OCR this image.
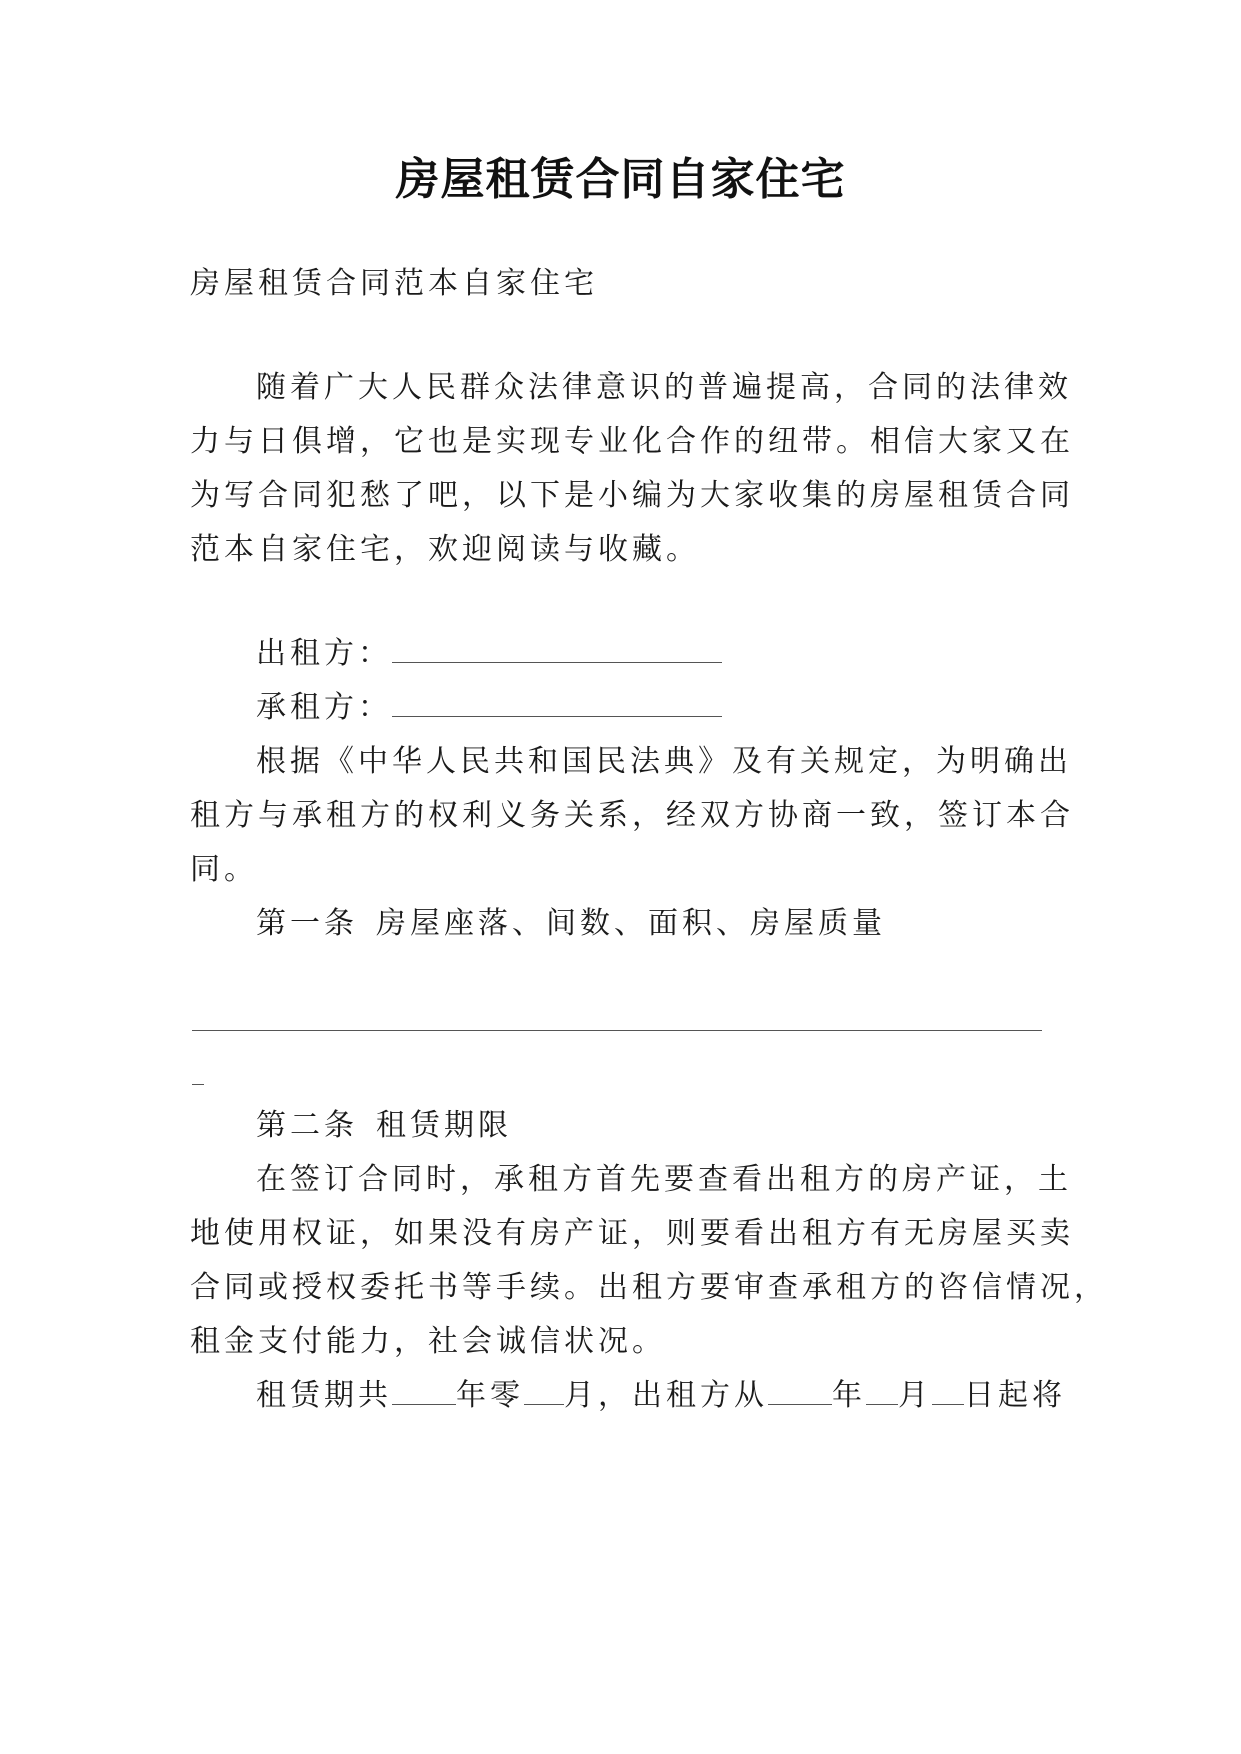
房屋租赁合同自家住宅
房屋租赁合同范本自家住宅
随着广大人民群众法律意识的普遍提高，合同的法律效
力与日俱增，它也是实现专业化合作的纽带。相信大家又在
为写合同犯愁了吧，以下是小编为大家收集的房屋租赁合同
范本自家住宅，欢迎阅读与收藏。
出租方：
承租方：
根据《中华人民共和国民法典》及有关规定，为明确出
租方与承租方的权利义务关系，经双方协商一致，签订本合
同。
第一条 房屋座落、间数、面积、房屋质量
第二条 租赁期限
在签订合同时，承租方首先要查看出租方的房产证，土
地使用权证，如果没有房产证，则要看出租方有无房屋买卖
合同或授权委托书等手续。出租方要审查承租方的咨信情况，
租金支付能力，社会诚信状况。
租赁期共 年零 月，出租方从 年 月 日起将
